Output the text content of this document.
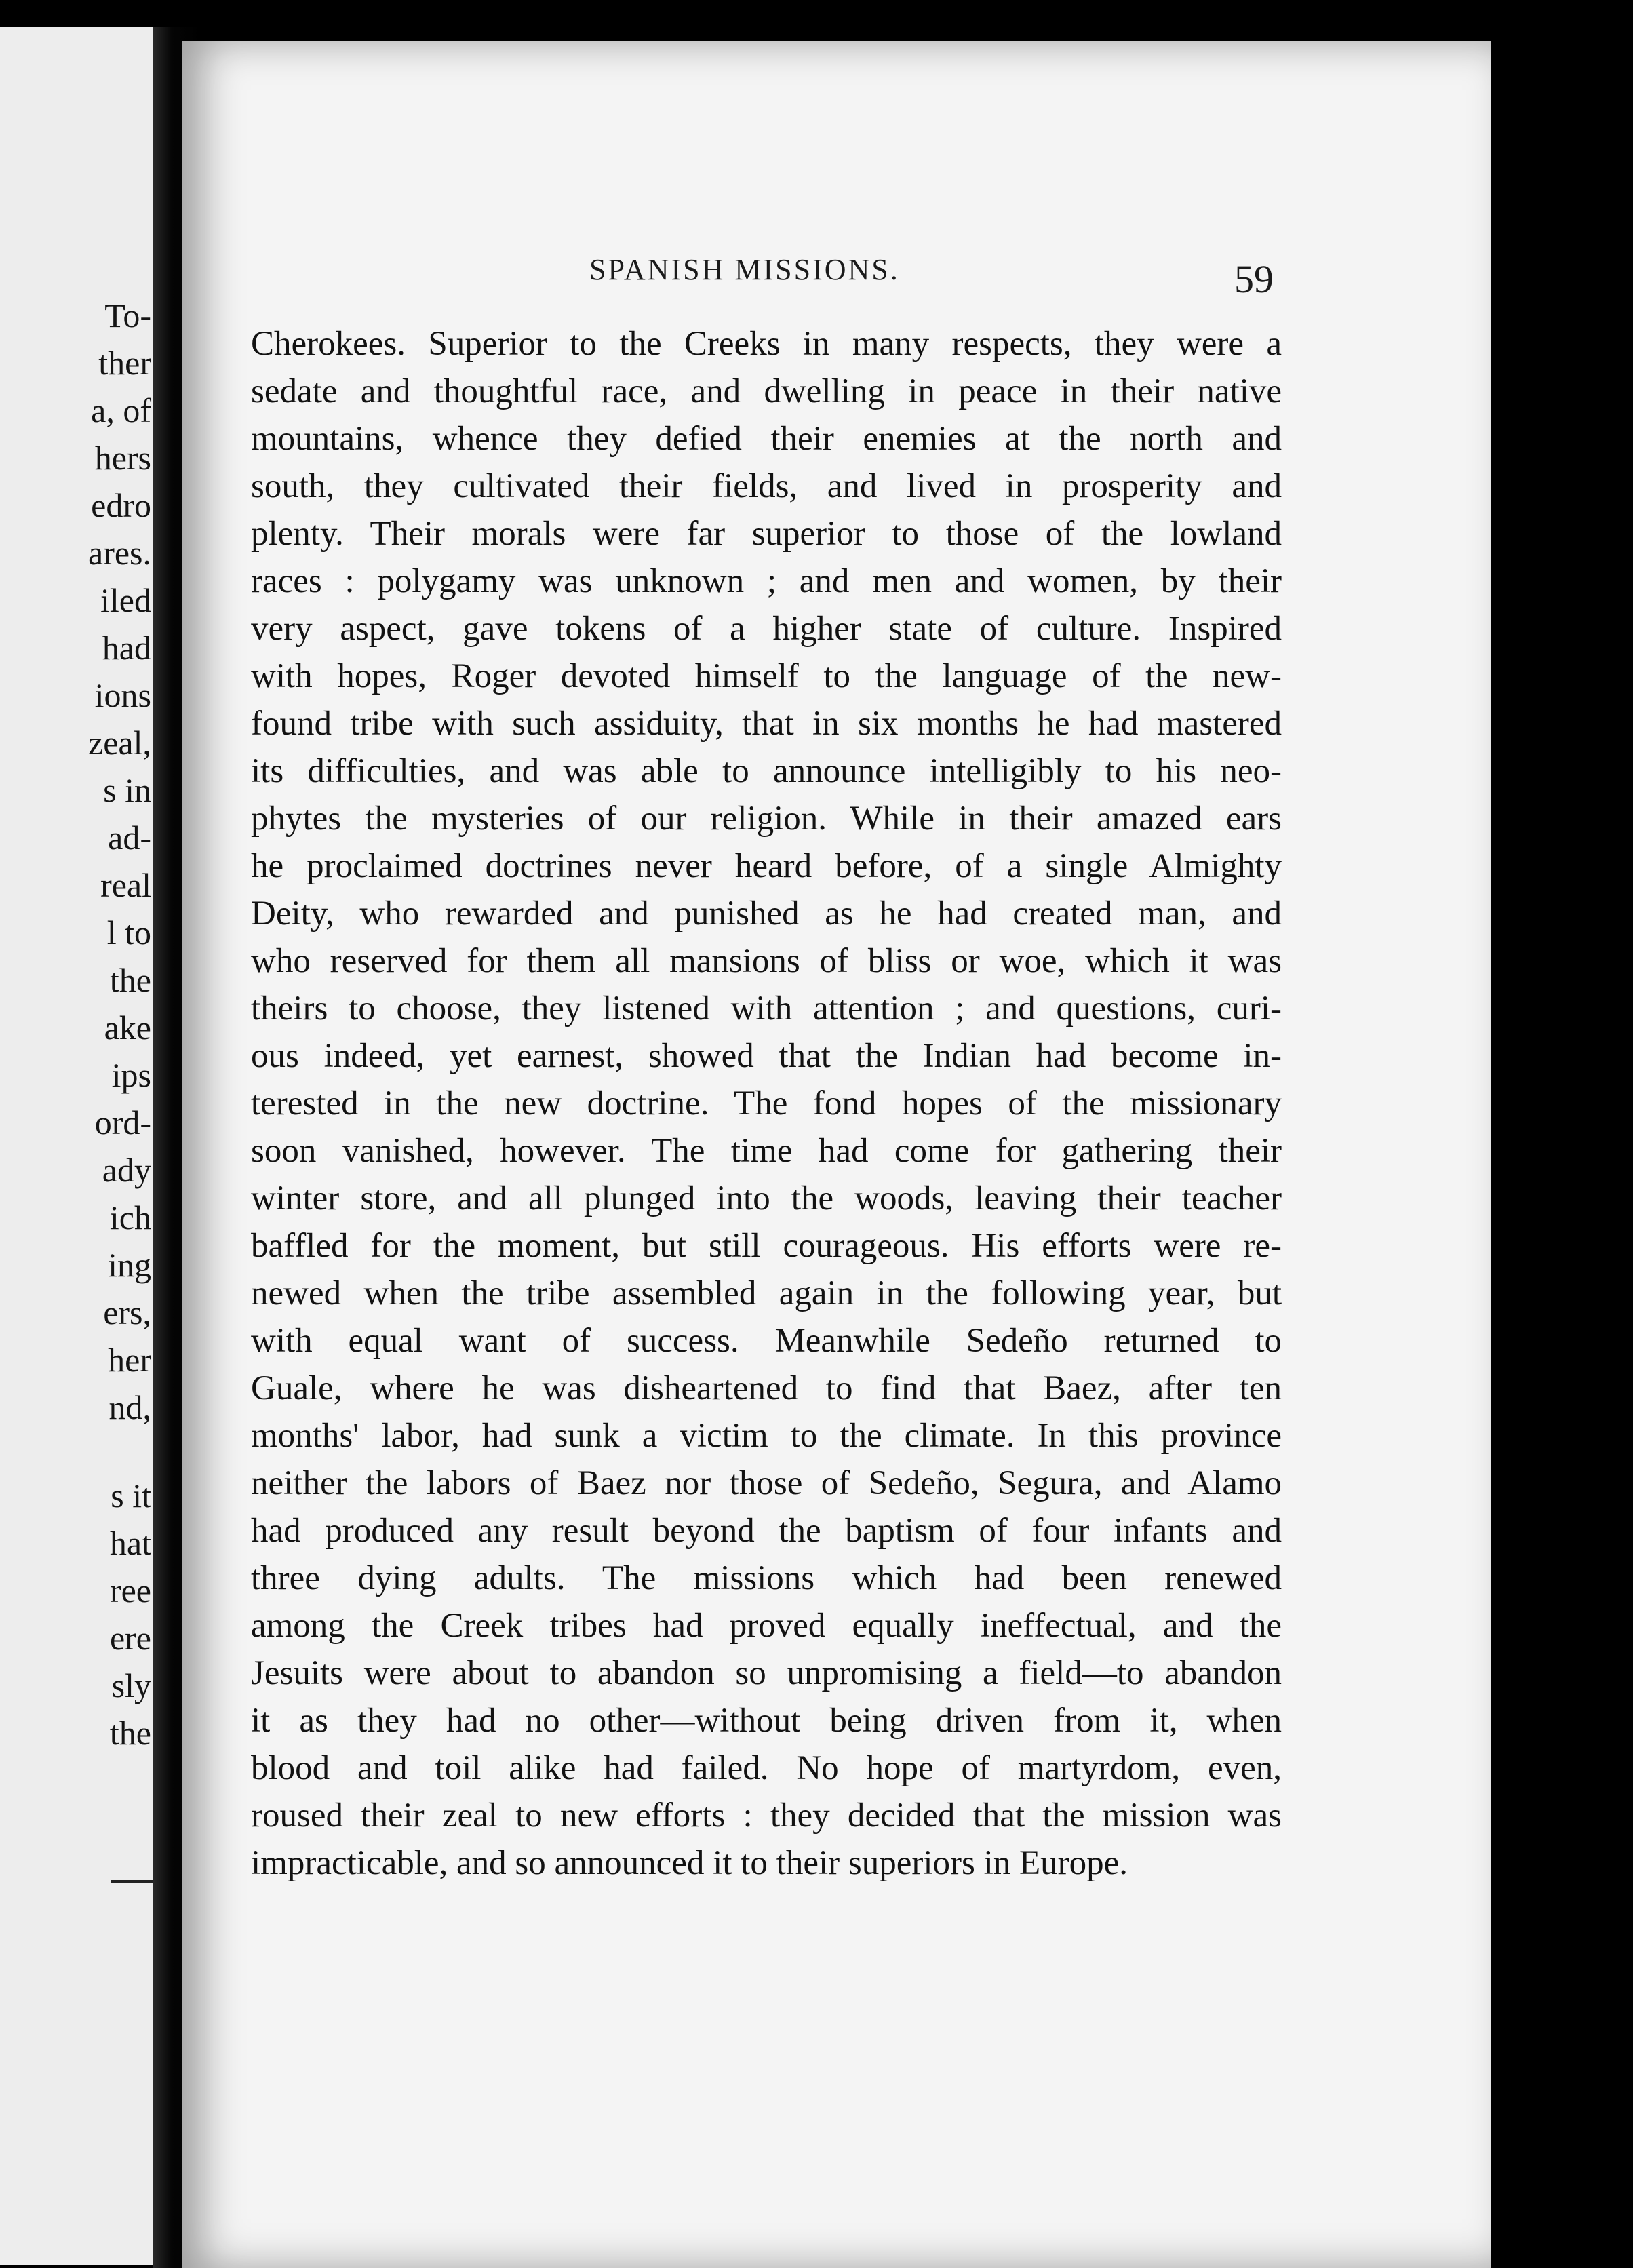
To-
ther
a, of
hers
edro
ares.
iled
had
ions
zeal,
s in
ad-
real
l to
the
ake
ips
ord-
ady
ich
ing
ers,
her
nd,
s it
hat
ree
ere
sly
the
SPANISH MISSIONS.	59
Cherokees. Superior to the Creeks in many respects, they were a
sedate and thoughtful race, and dwelling in peace in their native
mountains, whence they defied their enemies at the north and
south, they cultivated their fields, and lived in prosperity and
plenty. Their morals were far superior to those of the lowland
races : polygamy was unknown ; and men and women, by their
very aspect, gave tokens of a higher state of culture. Inspired
with hopes, Roger devoted himself to the language of the new-
found tribe with such assiduity, that in six months he had mastered
its difficulties, and was able to announce intelligibly to his neo-
phytes the mysteries of our religion. While in their amazed ears
he proclaimed doctrines never heard before, of a single Almighty
Deity, who rewarded and punished as he had created man, and
who reserved for them all mansions of bliss or woe, which it was
theirs to choose, they listened with attention ; and questions, curi-
ous indeed, yet earnest, showed that the Indian had become in-
terested in the new doctrine. The fond hopes of the missionary
soon vanished, however. The time had come for gathering their
winter store, and all plunged into the woods, leaving their teacher
baffled for the moment, but still courageous. His efforts were re-
newed when the tribe assembled again in the following year, but
with equal want of success. Meanwhile Sedeño returned to
Guale, where he was disheartened to find that Baez, after ten
months' labor, had sunk a victim to the climate. In this province
neither the labors of Baez nor those of Sedeño, Segura, and Alamo
had produced any result beyond the baptism of four infants and
three dying adults. The missions which had been renewed
among the Creek tribes had proved equally ineffectual, and the
Jesuits were about to abandon so unpromising a field—to abandon
it as they had no other—without being driven from it, when
blood and toil alike had failed. No hope of martyrdom, even,
roused their zeal to new efforts : they decided that the mission was
impracticable, and so announced it to their superiors in Europe.
